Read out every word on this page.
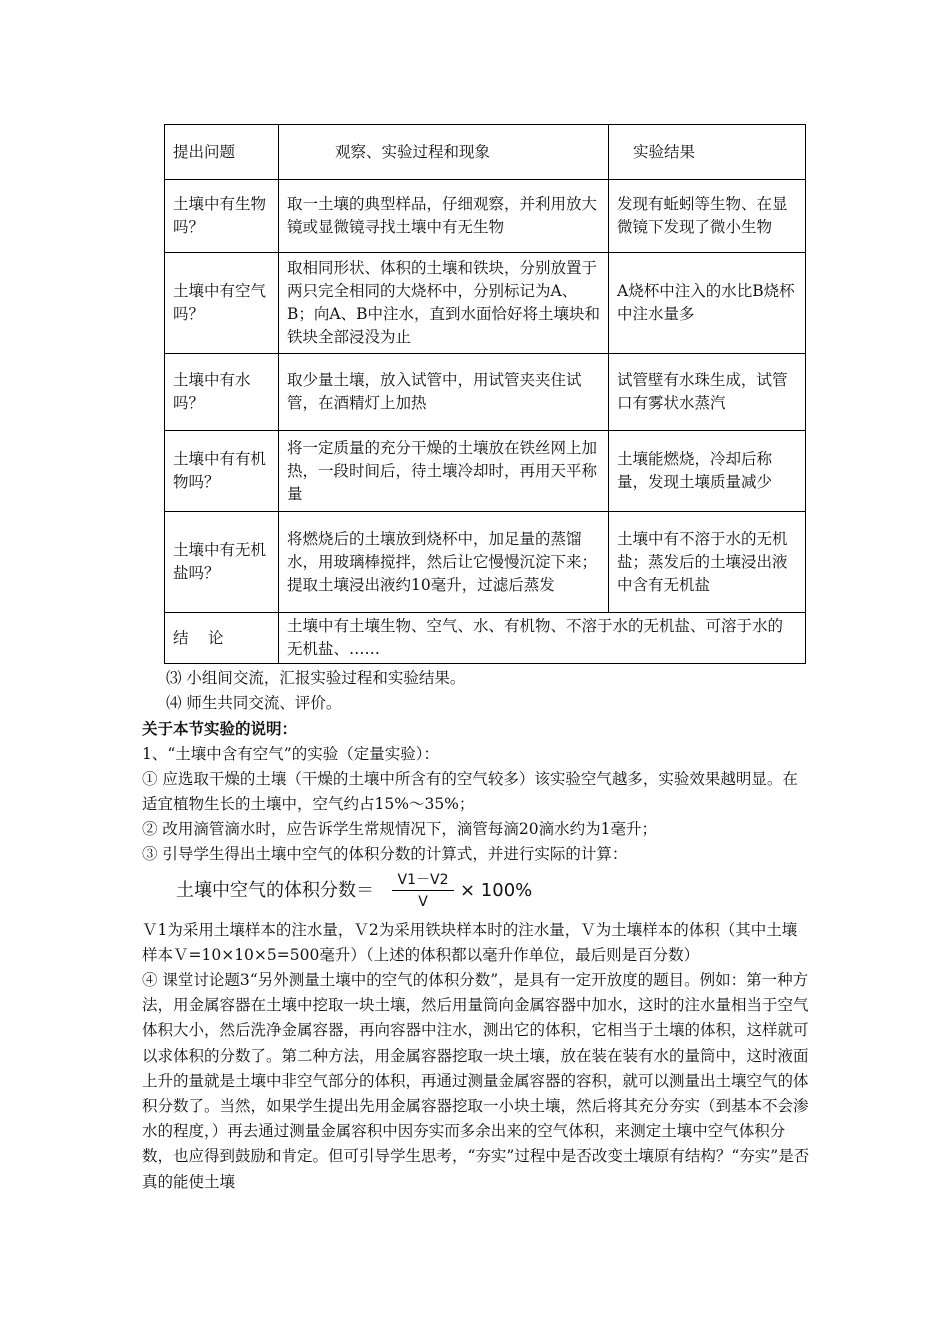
提出问题	观察、实验过程和现象	实验结果
土壤中有生物吗？	取一土壤的典型样品，仔细观察，并利用放大镜或显微镜寻找土壤中有无生物	发现有蚯蚓等生物、在显微镜下发现了微小生物
土壤中有空气吗？	取相同形状、体积的土壤和铁块，分别放置于两只完全相同的大烧杯中，分别标记为A、B；向A、B中注水，直到水面恰好将土壤块和铁块全部浸没为止	A烧杯中注入的水比B烧杯中注水量多
土壤中有水吗？	取少量土壤，放入试管中，用试管夹夹住试管，在酒精灯上加热	试管壁有水珠生成，试管口有雾状水蒸汽
土壤中有有机物吗？	将一定质量的充分干燥的土壤放在铁丝网上加热，一段时间后，待土壤冷却时，再用天平称量	土壤能燃烧，冷却后称量，发现土壤质量减少
土壤中有无机盐吗？	将燃烧后的土壤放到烧杯中，加足量的蒸馏水，用玻璃棒搅拌，然后让它慢慢沉淀下来；提取土壤浸出液约10毫升，过滤后蒸发	土壤中有不溶于水的无机盐；蒸发后的土壤浸出液中含有无机盐
结　论	土壤中有土壤生物、空气、水、有机物、不溶于水的无机盐、可溶于水的无机盐、……	

⑶ 小组间交流，汇报实验过程和实验结果。

⑷ 师生共同交流、评价。

关于本节实验的说明：

1、“土壤中含有空气”的实验（定量实验）：

① 应选取干燥的土壤（干燥的土壤中所含有的空气较多）该实验空气越多，实验效果越明显。在适宜植物生长的土壤中，空气约占15%～35%；

② 改用滴管滴水时，应告诉学生常规情况下，滴管每滴20滴水约为1毫升；

③ 引导学生得出土壤中空气的体积分数的计算式，并进行实际的计算：

土壤中空气的体积分数＝ $\frac{V1-V2}{V} \times 100\%$

Ｖ1为采用土壤样本的注水量，Ｖ2为采用铁块样本时的注水量，Ｖ为土壤样本的体积（其中土壤样本Ｖ=10×10×5=500毫升）（上述的体积都以毫升作单位，最后则是百分数）

④ 课堂讨论题3“另外测量土壤中的空气的体积分数”，是具有一定开放度的题目。例如：第一种方法，用金属容器在土壤中挖取一块土壤，然后用量筒向金属容器中加水，这时的注水量相当于空气体积大小，然后洗净金属容器，再向容器中注水，测出它的体积，它相当于土壤的体积，这样就可以求体积的分数了。第二种方法，用金属容器挖取一块土壤，放在装在装有水的量筒中，这时液面上升的量就是土壤中非空气部分的体积，再通过测量金属容器的容积，就可以测量出土壤空气的体积分数了。当然，如果学生提出先用金属容器挖取一小块土壤，然后将其充分夯实（到基本不会渗水的程度，）再去通过测量金属容积中因夯实而多余出来的空气体积，来测定土壤中空气体积分数，也应得到鼓励和肯定。但可引导学生思考，“夯实”过程中是否改变土壤原有结构？“夯实”是否真的能使土壤
